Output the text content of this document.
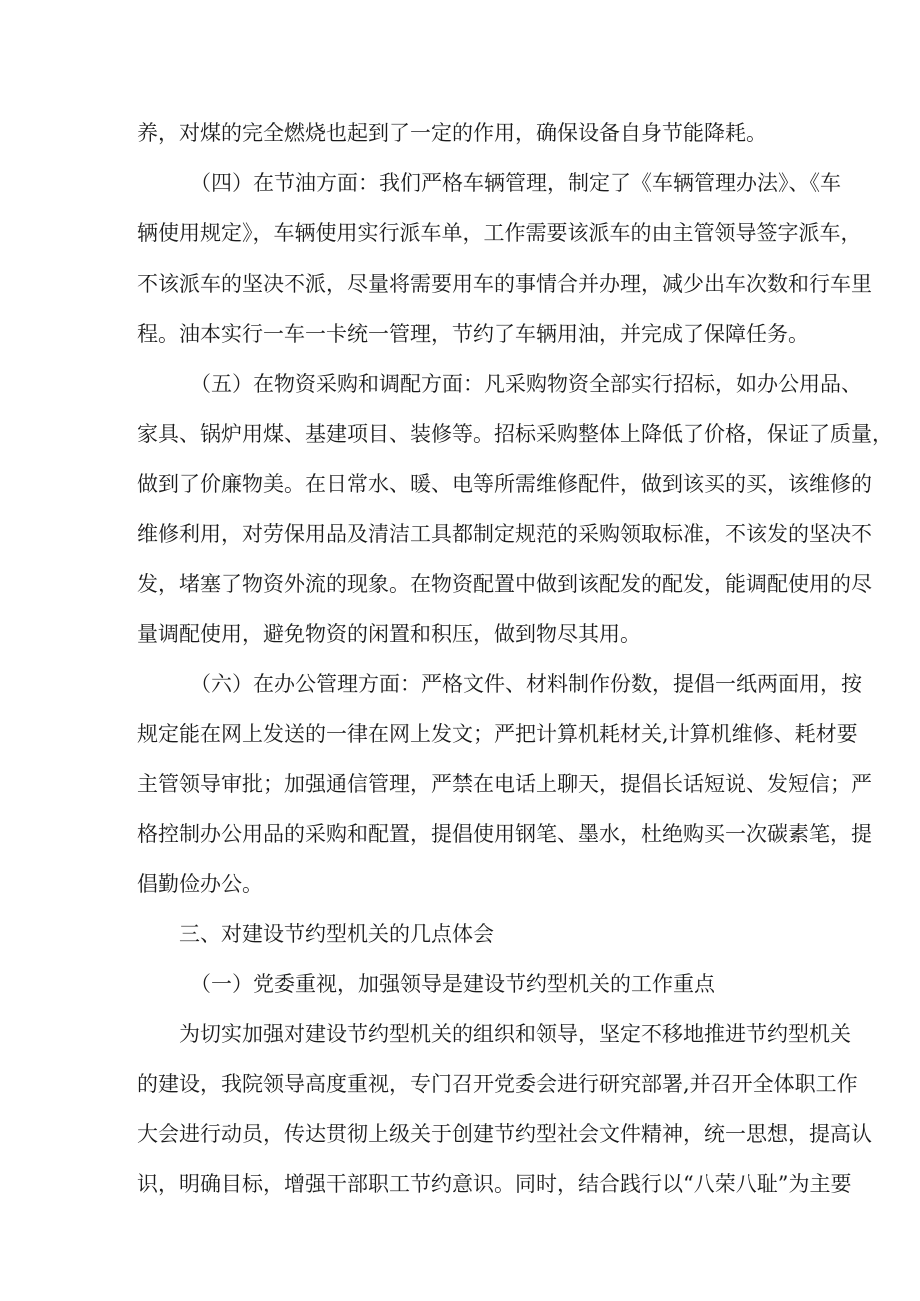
养，对煤的完全燃烧也起到了一定的作用，确保设备自身节能降耗。
（四）在节油方面：我们严格车辆管理，制定了《车辆管理办法》、《车
辆使用规定》，车辆使用实行派车单，工作需要该派车的由主管领导签字派车，
不该派车的坚决不派，尽量将需要用车的事情合并办理，减少出车次数和行车里
程。油本实行一车一卡统一管理，节约了车辆用油，并完成了保障任务。
（五）在物资采购和调配方面：凡采购物资全部实行招标，如办公用品、
家具、锅炉用煤、基建项目、装修等。招标采购整体上降低了价格，保证了质量，
做到了价廉物美。在日常水、暖、电等所需维修配件，做到该买的买，该维修的
维修利用，对劳保用品及清洁工具都制定规范的采购领取标准，不该发的坚决不
发，堵塞了物资外流的现象。在物资配置中做到该配发的配发，能调配使用的尽
量调配使用，避免物资的闲置和积压，做到物尽其用。
（六）在办公管理方面：严格文件、材料制作份数，提倡一纸两面用，按
规定能在网上发送的一律在网上发文；严把计算机耗材关,计算机维修、耗材要
主管领导审批；加强通信管理，严禁在电话上聊天，提倡长话短说、发短信；严
格控制办公用品的采购和配置，提倡使用钢笔、墨水，杜绝购买一次碳素笔，提
倡勤俭办公。
三、对建设节约型机关的几点体会
（一）党委重视，加强领导是建设节约型机关的工作重点
为切实加强对建设节约型机关的组织和领导，坚定不移地推进节约型机关
的建设，我院领导高度重视，专门召开党委会进行研究部署,并召开全体职工作
大会进行动员，传达贯彻上级关于创建节约型社会文件精神，统一思想，提高认
识，明确目标，增强干部职工节约意识。同时，结合践行以“八荣八耻”为主要
